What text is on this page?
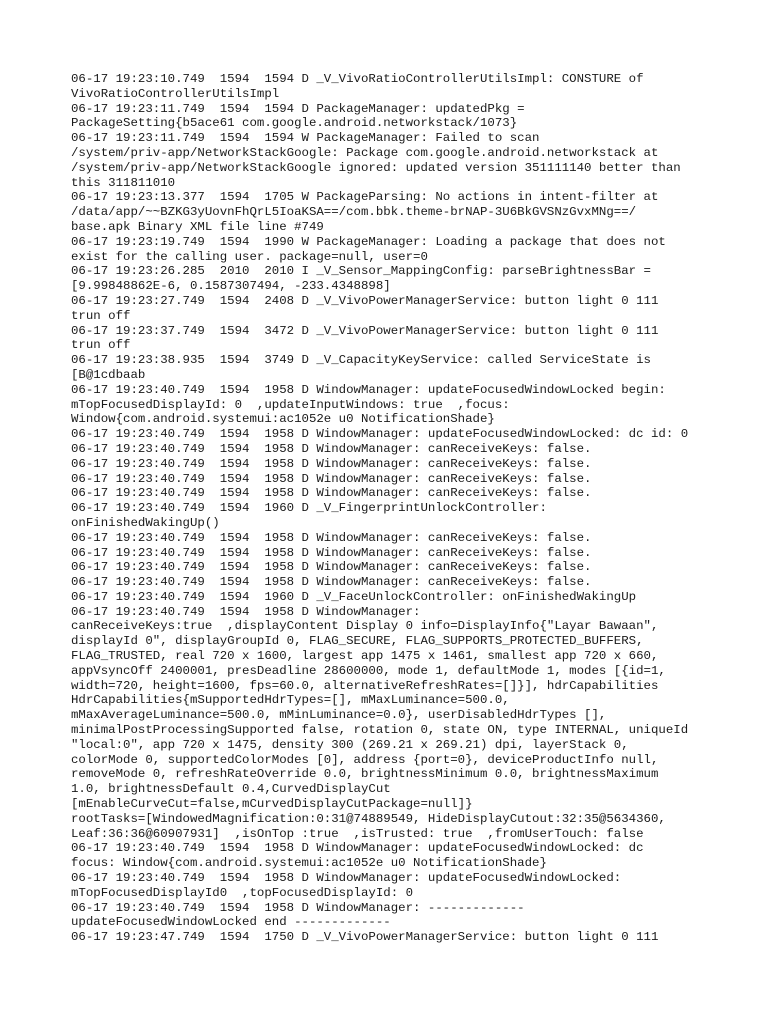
06-17 19:23:10.749  1594  1594 D _V_VivoRatioControllerUtilsImpl: CONSTURE of
VivoRatioControllerUtilsImpl
06-17 19:23:11.749  1594  1594 D PackageManager: updatedPkg =
PackageSetting{b5ace61 com.google.android.networkstack/1073}
06-17 19:23:11.749  1594  1594 W PackageManager: Failed to scan
/system/priv-app/NetworkStackGoogle: Package com.google.android.networkstack at
/system/priv-app/NetworkStackGoogle ignored: updated version 351111140 better than
this 311811010
06-17 19:23:13.377  1594  1705 W PackageParsing: No actions in intent-filter at
/data/app/~~BZKG3yUovnFhQrL5IoaKSA==/com.bbk.theme-brNAP-3U6BkGVSNzGvxMNg==/
base.apk Binary XML file line #749
06-17 19:23:19.749  1594  1990 W PackageManager: Loading a package that does not
exist for the calling user. package=null, user=0
06-17 19:23:26.285  2010  2010 I _V_Sensor_MappingConfig: parseBrightnessBar =
[9.99848862E-6, 0.1587307494, -233.4348898]
06-17 19:23:27.749  1594  2408 D _V_VivoPowerManagerService: button light 0 111
trun off
06-17 19:23:37.749  1594  3472 D _V_VivoPowerManagerService: button light 0 111
trun off
06-17 19:23:38.935  1594  3749 D _V_CapacityKeyService: called ServiceState is
[B@1cdbaab
06-17 19:23:40.749  1594  1958 D WindowManager: updateFocusedWindowLocked begin:
mTopFocusedDisplayId: 0  ,updateInputWindows: true  ,focus:
Window{com.android.systemui:ac1052e u0 NotificationShade}
06-17 19:23:40.749  1594  1958 D WindowManager: updateFocusedWindowLocked: dc id: 0
06-17 19:23:40.749  1594  1958 D WindowManager: canReceiveKeys: false.
06-17 19:23:40.749  1594  1958 D WindowManager: canReceiveKeys: false.
06-17 19:23:40.749  1594  1958 D WindowManager: canReceiveKeys: false.
06-17 19:23:40.749  1594  1958 D WindowManager: canReceiveKeys: false.
06-17 19:23:40.749  1594  1960 D _V_FingerprintUnlockController:
onFinishedWakingUp()
06-17 19:23:40.749  1594  1958 D WindowManager: canReceiveKeys: false.
06-17 19:23:40.749  1594  1958 D WindowManager: canReceiveKeys: false.
06-17 19:23:40.749  1594  1958 D WindowManager: canReceiveKeys: false.
06-17 19:23:40.749  1594  1958 D WindowManager: canReceiveKeys: false.
06-17 19:23:40.749  1594  1960 D _V_FaceUnlockController: onFinishedWakingUp
06-17 19:23:40.749  1594  1958 D WindowManager:
canReceiveKeys:true  ,displayContent Display 0 info=DisplayInfo{"Layar Bawaan",
displayId 0", displayGroupId 0, FLAG_SECURE, FLAG_SUPPORTS_PROTECTED_BUFFERS,
FLAG_TRUSTED, real 720 x 1600, largest app 1475 x 1461, smallest app 720 x 660,
appVsyncOff 2400001, presDeadline 28600000, mode 1, defaultMode 1, modes [{id=1,
width=720, height=1600, fps=60.0, alternativeRefreshRates=[]}], hdrCapabilities
HdrCapabilities{mSupportedHdrTypes=[], mMaxLuminance=500.0,
mMaxAverageLuminance=500.0, mMinLuminance=0.0}, userDisabledHdrTypes [],
minimalPostProcessingSupported false, rotation 0, state ON, type INTERNAL, uniqueId
"local:0", app 720 x 1475, density 300 (269.21 x 269.21) dpi, layerStack 0,
colorMode 0, supportedColorModes [0], address {port=0}, deviceProductInfo null,
removeMode 0, refreshRateOverride 0.0, brightnessMinimum 0.0, brightnessMaximum
1.0, brightnessDefault 0.4,CurvedDisplayCut
[mEnableCurveCut=false,mCurvedDisplayCutPackage=null]}
rootTasks=[WindowedMagnification:0:31@74889549, HideDisplayCutout:32:35@5634360,
Leaf:36:36@60907931]  ,isOnTop :true  ,isTrusted: true  ,fromUserTouch: false
06-17 19:23:40.749  1594  1958 D WindowManager: updateFocusedWindowLocked: dc
focus: Window{com.android.systemui:ac1052e u0 NotificationShade}
06-17 19:23:40.749  1594  1958 D WindowManager: updateFocusedWindowLocked:
mTopFocusedDisplayId0  ,topFocusedDisplayId: 0
06-17 19:23:40.749  1594  1958 D WindowManager: -------------
updateFocusedWindowLocked end -------------
06-17 19:23:47.749  1594  1750 D _V_VivoPowerManagerService: button light 0 111
